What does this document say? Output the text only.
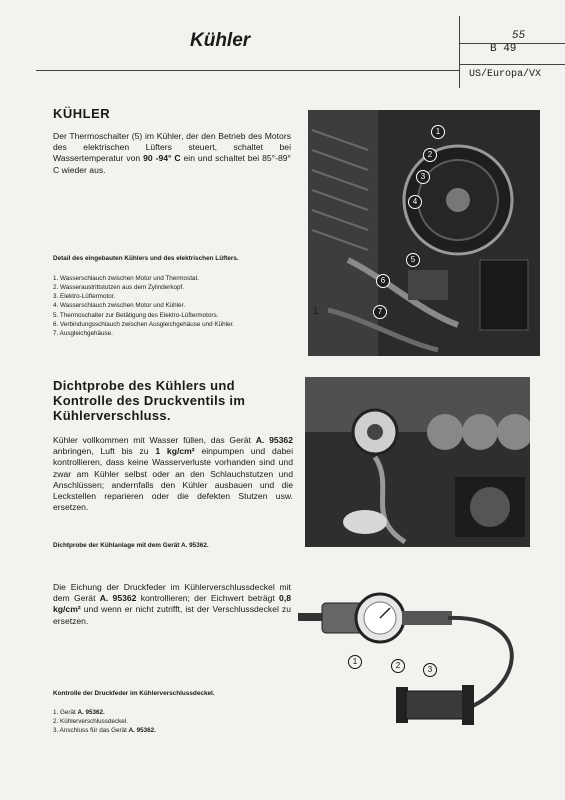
Kühler	55
B 49
US/Europa/VX
KÜHLER

Der Thermoschalter (5) im Kühler, der den Betrieb des Motors des elektrischen Lüfters steuert, schaltet bei Wassertemperatur von 90 -94° C ein und schaltet bei 85°-89° C wieder aus.

Detail des eingebauten Kühlers und des elektrischen Lüfters.
1. Wasserschlauch zwischen Motor und Thermostat.
2. Wasseraustrittstutzen aus dem Zylinderkopf.
3. Elektro-Lüftermotor.
4. Wasserschlauch zwischen Motor und Kühler.
5. Thermoschalter zur Betätigung des Elektro-Lüftermotors.
6. Verbindungsschlauch zwischen Ausgleichgehäuse und Kühler.
7. Ausgleichgehäuse.
1
2
3
4
5
6
7
1
Dichtprobe des Kühlers und Kontrolle des Druckventils im Kühlerverschluss.

Kühler vollkommen mit Wasser füllen, das Gerät A. 95362 anbringen, Luft bis zu 1 kg/cm² einpumpen und dabei kontrollieren, dass keine Wasserverluste vorhanden sind und zwar am Kühler selbst oder an den Schlauchstutzen und Anschlüssen; andernfalls den Kühler ausbauen und die Leckstellen reparieren oder die defekten Stutzen usw. ersetzen.

Dichtprobe der Kühlanlage mit dem Gerät A. 95362.

Die Eichung der Druckfeder im Kühlerverschlussdeckel mit dem Gerät A. 95362 kontrollieren; der Eichwert beträgt 0,8 kg/cm² und wenn er nicht zutrifft, ist der Verschlussdeckel zu ersetzen.

Kontrolle der Druckfeder im Kühlerverschlussdeckel.
1. Gerät A. 95362.
2. Kühlerverschlussdeckel.
3. Anschluss für das Gerät A. 95362.
1	2	3
